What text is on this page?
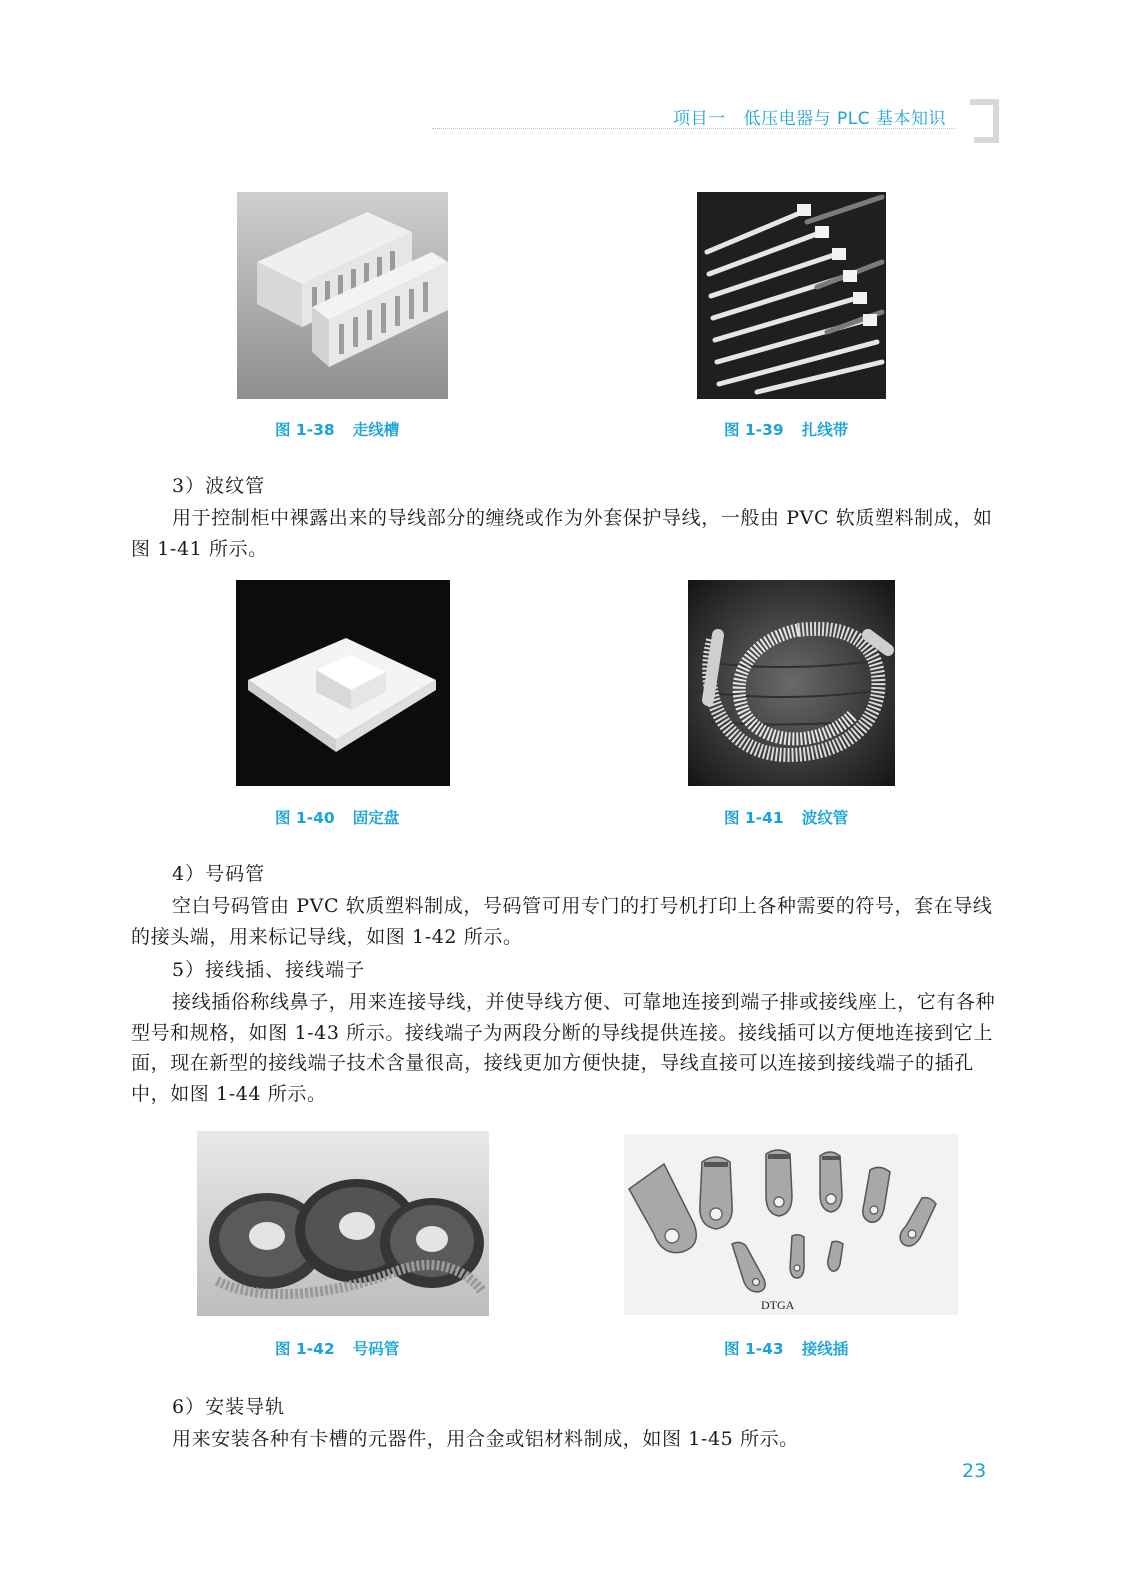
项目一 低压电器与 PLC 基本知识
图 1-38 走线槽	图 1-39 扎线带
3）波纹管
用于控制柜中裸露出来的导线部分的缠绕或作为外套保护导线，一般由 PVC 软质塑料制成，如图 1-41 所示。
图 1-40 固定盘	图 1-41 波纹管
4）号码管
空白号码管由 PVC 软质塑料制成，号码管可用专门的打号机打印上各种需要的符号，套在导线的接头端，用来标记导线，如图 1-42 所示。
5）接线插、接线端子
接线插俗称线鼻子，用来连接导线，并使导线方便、可靠地连接到端子排或接线座上，它有各种型号和规格，如图 1-43 所示。接线端子为两段分断的导线提供连接。接线插可以方便地连接到它上面，现在新型的接线端子技术含量很高，接线更加方便快捷，导线直接可以连接到接线端子的插孔中，如图 1-44 所示。
图 1-42 号码管
DTGA
图 1-43 接线插
6）安装导轨
用来安装各种有卡槽的元器件，用合金或铝材料制成，如图 1-45 所示。
23
